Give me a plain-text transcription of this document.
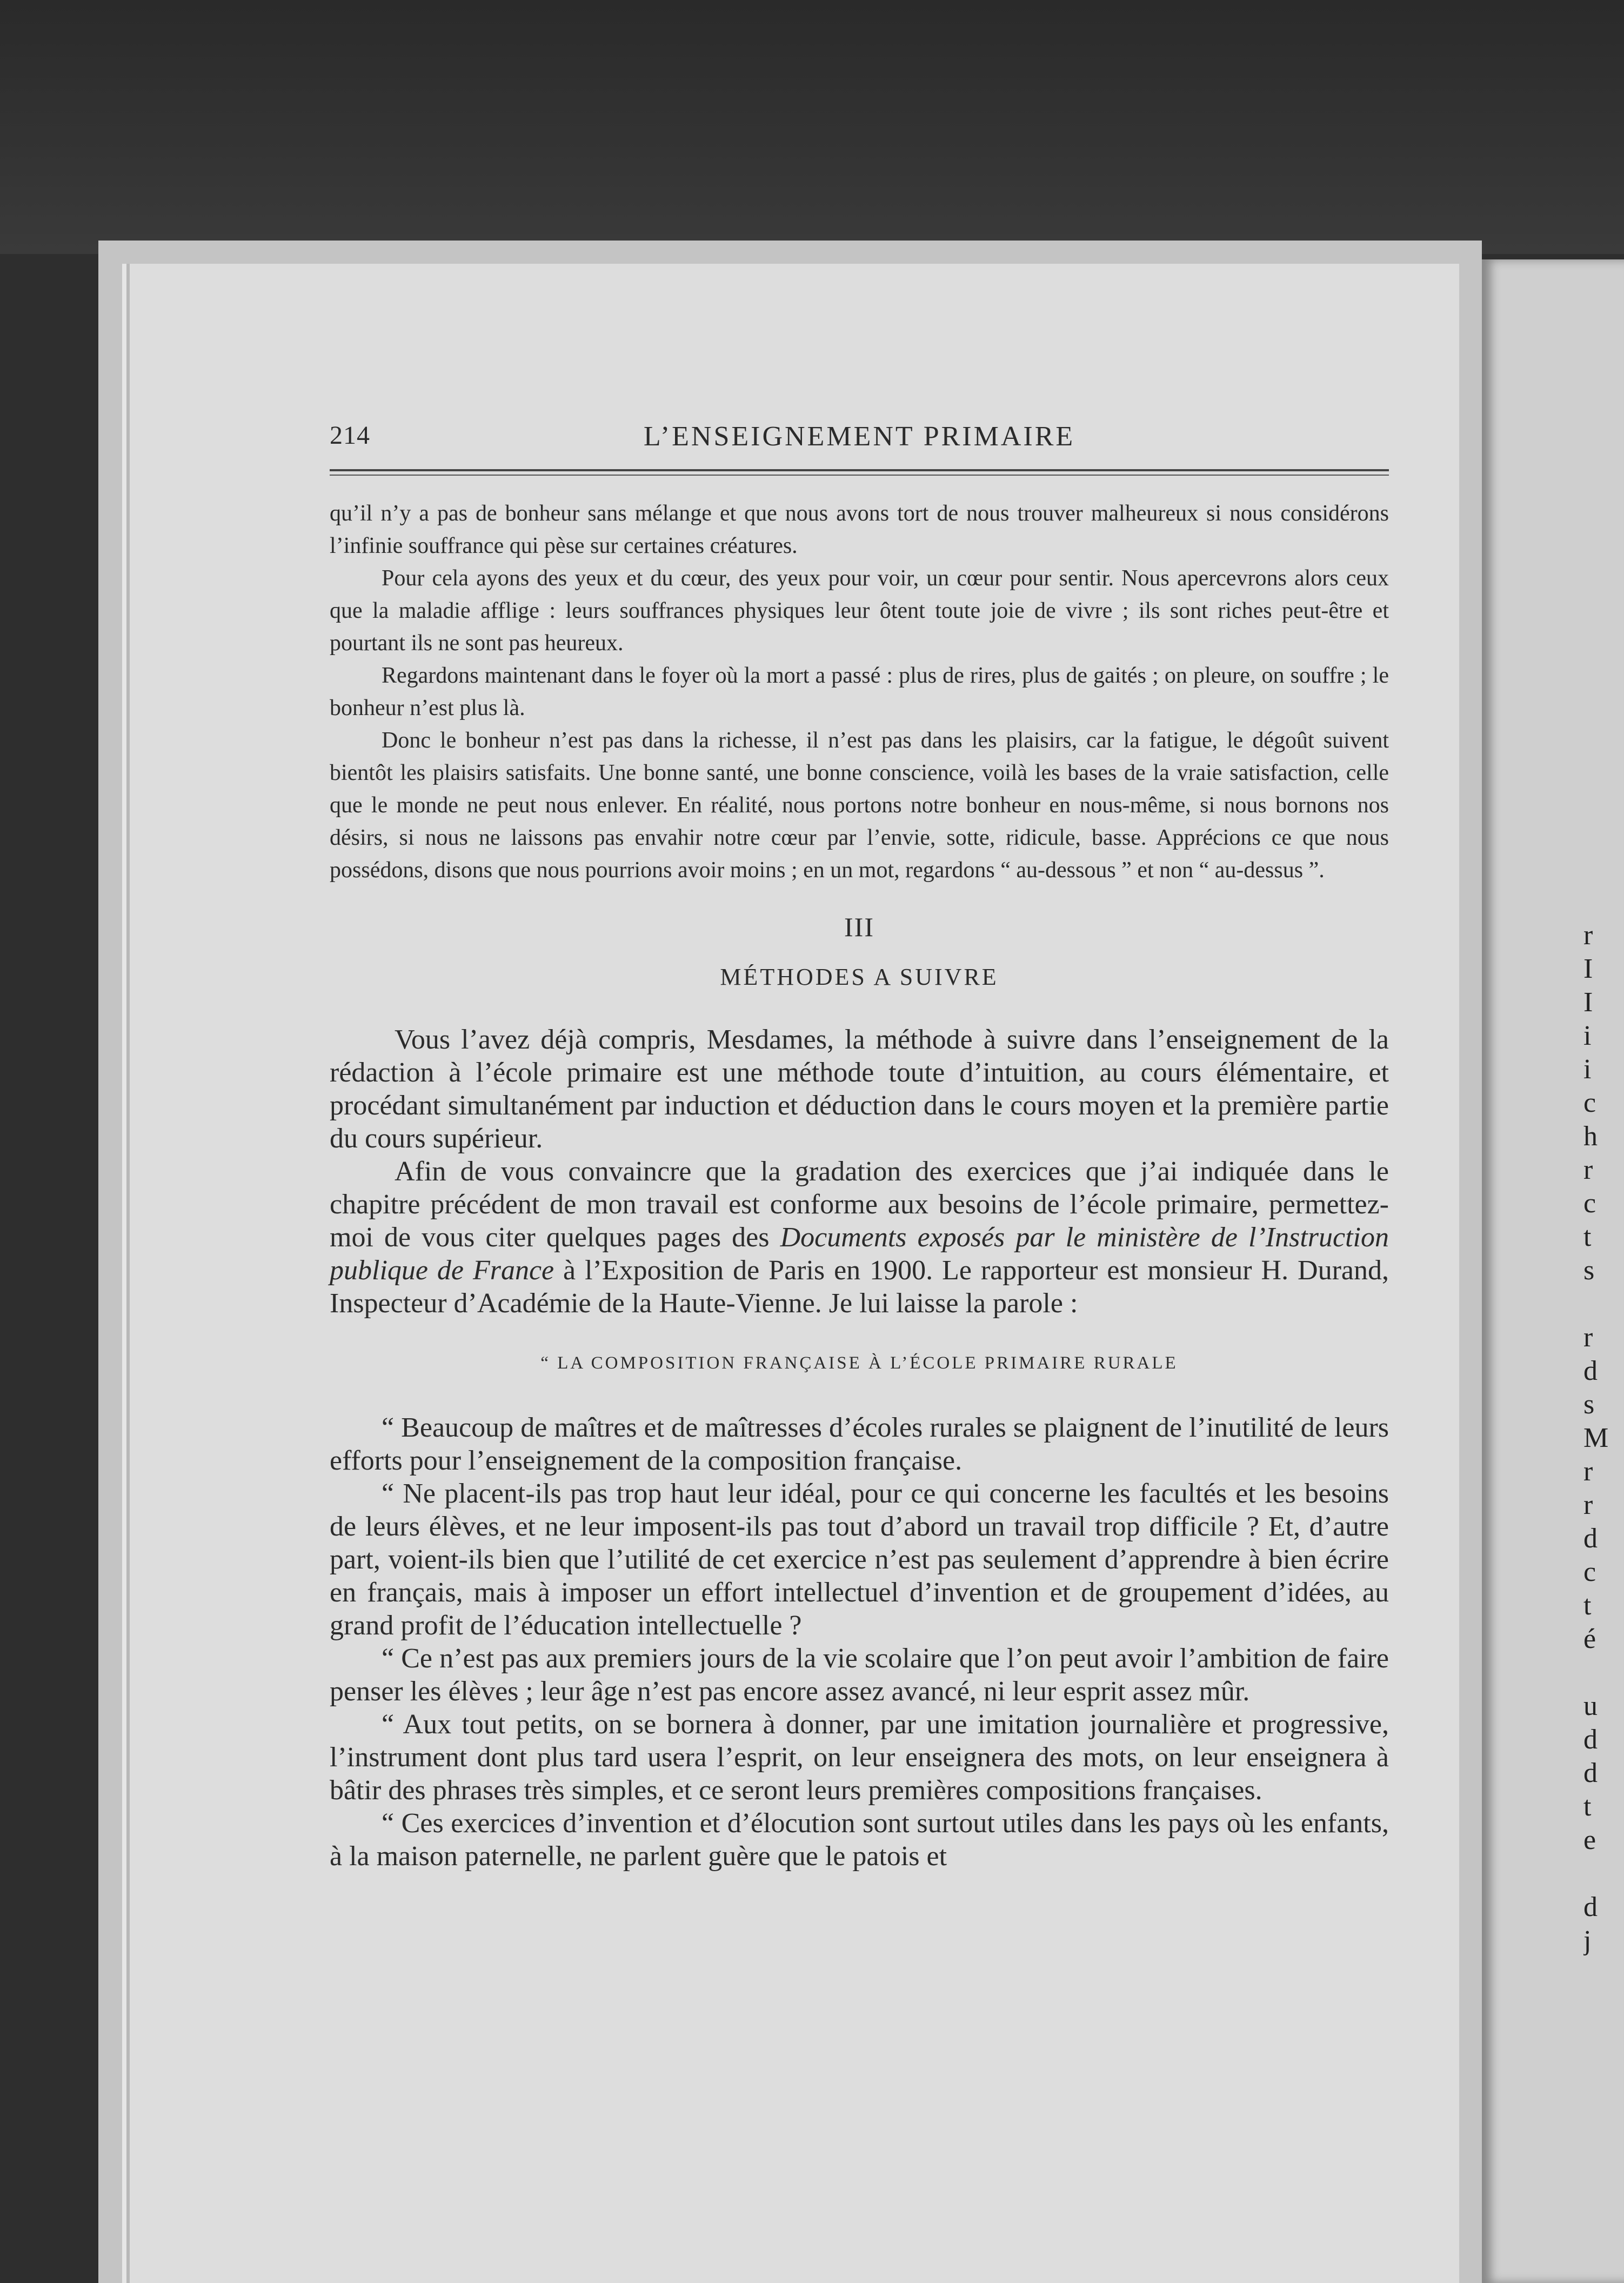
r
I
I
i
i
c
h
r
c
t
s

r
d
s
M
r
r
d
c
t
é

u
d
d
t
e

d
j
214	L’ENSEIGNEMENT PRIMAIRE

qu’il n’y a pas de bonheur sans mélange et que nous avons tort de nous trouver malheureux si nous considérons l’infinie souffrance qui pèse sur certaines créatures.

Pour cela ayons des yeux et du cœur, des yeux pour voir, un cœur pour sentir. Nous apercevrons alors ceux que la maladie afflige : leurs souffrances physiques leur ôtent toute joie de vivre ; ils sont riches peut-être et pourtant ils ne sont pas heureux.

Regardons maintenant dans le foyer où la mort a passé : plus de rires, plus de gaités ; on pleure, on souffre ; le bonheur n’est plus là.

Donc le bonheur n’est pas dans la richesse, il n’est pas dans les plaisirs, car la fatigue, le dégoût suivent bientôt les plaisirs satisfaits. Une bonne santé, une bonne conscience, voilà les bases de la vraie satisfaction, celle que le monde ne peut nous enlever. En réalité, nous portons notre bonheur en nous-même, si nous bornons nos désirs, si nous ne laissons pas envahir notre cœur par l’envie, sotte, ridicule, basse. Apprécions ce que nous possédons, disons que nous pourrions avoir moins ; en un mot, regardons “ au-dessous ” et non “ au-dessus ”.

III
MÉTHODES A SUIVRE

Vous l’avez déjà compris, Mesdames, la méthode à suivre dans l’enseignement de la rédaction à l’école primaire est une méthode toute d’intuition, au cours élémentaire, et procédant simultanément par induction et déduction dans le cours moyen et la première partie du cours supérieur.

Afin de vous convaincre que la gradation des exercices que j’ai indiquée dans le chapitre précédent de mon travail est conforme aux besoins de l’école primaire, permettez-moi de vous citer quelques pages des Documents exposés par le ministère de l’Instruction publique de France à l’Exposition de Paris en 1900. Le rapporteur est monsieur H. Durand, Inspecteur d’Académie de la Haute-Vienne. Je lui laisse la parole :

“ LA COMPOSITION FRANÇAISE À L’ÉCOLE PRIMAIRE RURALE

“ Beaucoup de maîtres et de maîtresses d’écoles rurales se plaignent de l’inutilité de leurs efforts pour l’enseignement de la composition française.

“ Ne placent-ils pas trop haut leur idéal, pour ce qui concerne les facultés et les besoins de leurs élèves, et ne leur imposent-ils pas tout d’abord un travail trop difficile ? Et, d’autre part, voient-ils bien que l’utilité de cet exercice n’est pas seulement d’apprendre à bien écrire en français, mais à imposer un effort intellectuel d’invention et de groupement d’idées, au grand profit de l’éducation intellectuelle ?

“ Ce n’est pas aux premiers jours de la vie scolaire que l’on peut avoir l’ambition de faire penser les élèves ; leur âge n’est pas encore assez avancé, ni leur esprit assez mûr.

“ Aux tout petits, on se bornera à donner, par une imitation journalière et progressive, l’instrument dont plus tard usera l’esprit, on leur enseignera des mots, on leur enseignera à bâtir des phrases très simples, et ce seront leurs premières compositions françaises.

“ Ces exercices d’invention et d’élocution sont surtout utiles dans les pays où les enfants, à la maison paternelle, ne parlent guère que le patois et
